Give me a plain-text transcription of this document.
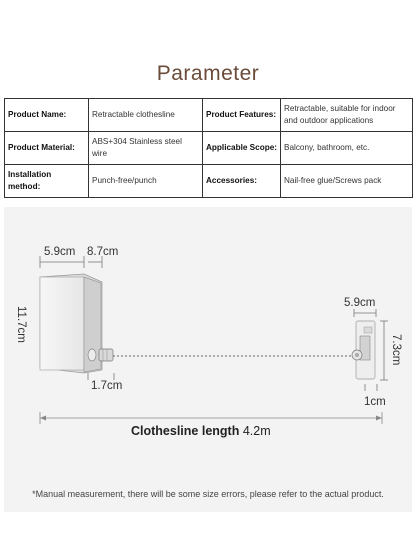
Parameter
Product Name:	Retractable clothesline	Product Features:	Retractable, suitable for indoor and outdoor applications
Product Material:	ABS+304 Stainless steel wire	Applicable Scope:	Balcony, bathroom, etc.
Installation method:	Punch-free/punch	Accessories:	Nail-free glue/Screws pack
5.9cm 8.7cm
11.7cm
1.7cm
5.9cm
7.3cm
1cm
Clothesline length 4.2m
*Manual measurement, there will be some size errors, please refer to the actual product.
